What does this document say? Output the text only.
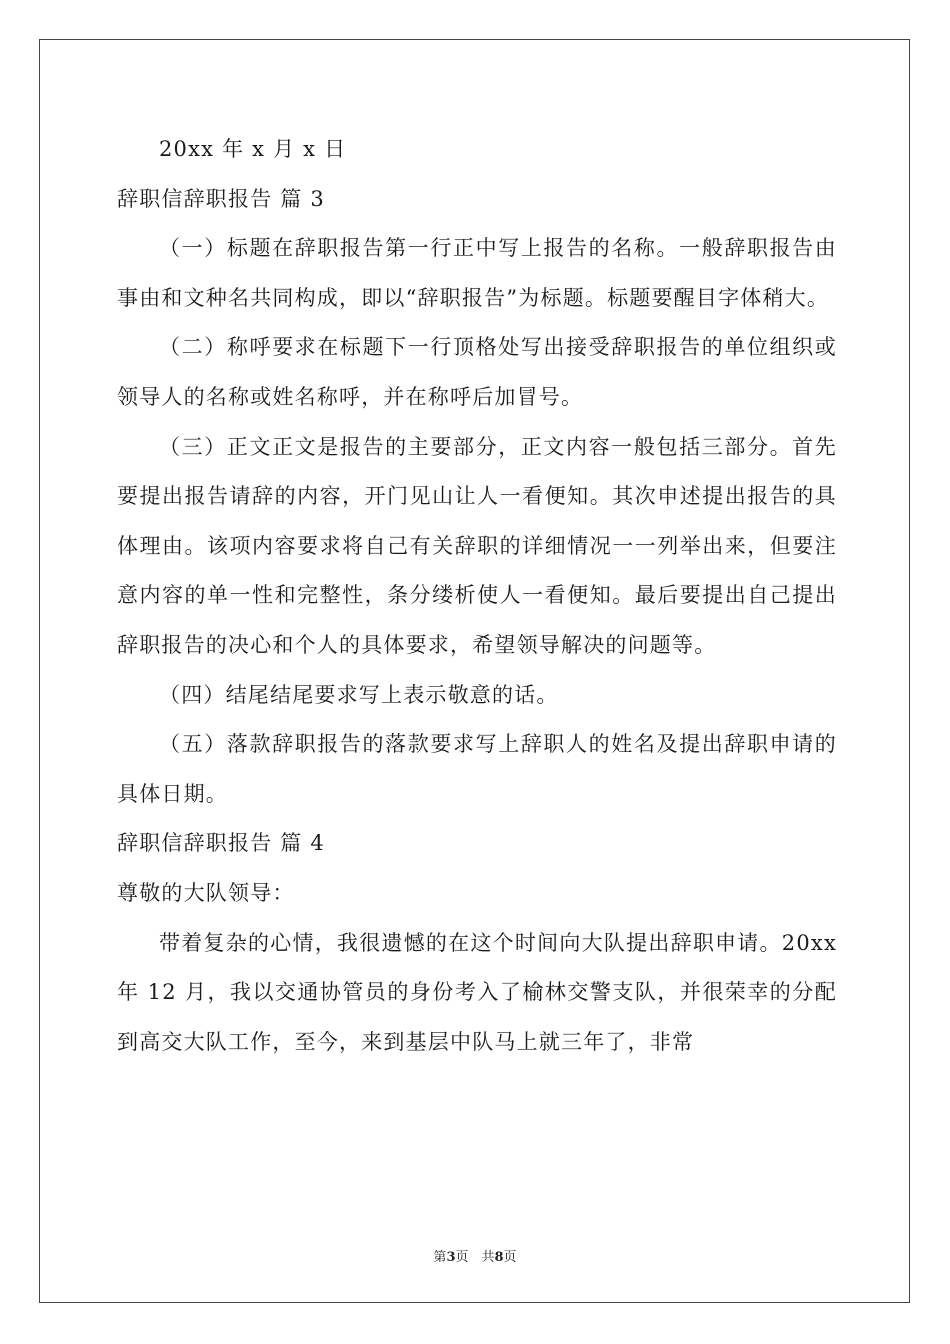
20xx 年 x 月 x 日
辞职信辞职报告 篇 3

（一）标题在辞职报告第一行正中写上报告的名称。一般辞职报告由事由和文种名共同构成，即以“辞职报告”为标题。标题要醒目字体稍大。

（二）称呼要求在标题下一行顶格处写出接受辞职报告的单位组织或领导人的名称或姓名称呼，并在称呼后加冒号。

（三）正文正文是报告的主要部分，正文内容一般包括三部分。首先要提出报告请辞的内容，开门见山让人一看便知。其次申述提出报告的具体理由。该项内容要求将自己有关辞职的详细情况一一列举出来，但要注意内容的单一性和完整性，条分缕析使人一看便知。最后要提出自己提出辞职报告的决心和个人的具体要求，希望领导解决的问题等。

（四）结尾结尾要求写上表示敬意的话。

（五）落款辞职报告的落款要求写上辞职人的姓名及提出辞职申请的具体日期。

辞职信辞职报告 篇 4
尊敬的大队领导：

带着复杂的心情，我很遗憾的在这个时间向大队提出辞职申请。20xx 年 12 月，我以交通协管员的身份考入了榆林交警支队，并很荣幸的分配到高交大队工作，至今，来到基层中队马上就三年了，非常

第3页　共8页
